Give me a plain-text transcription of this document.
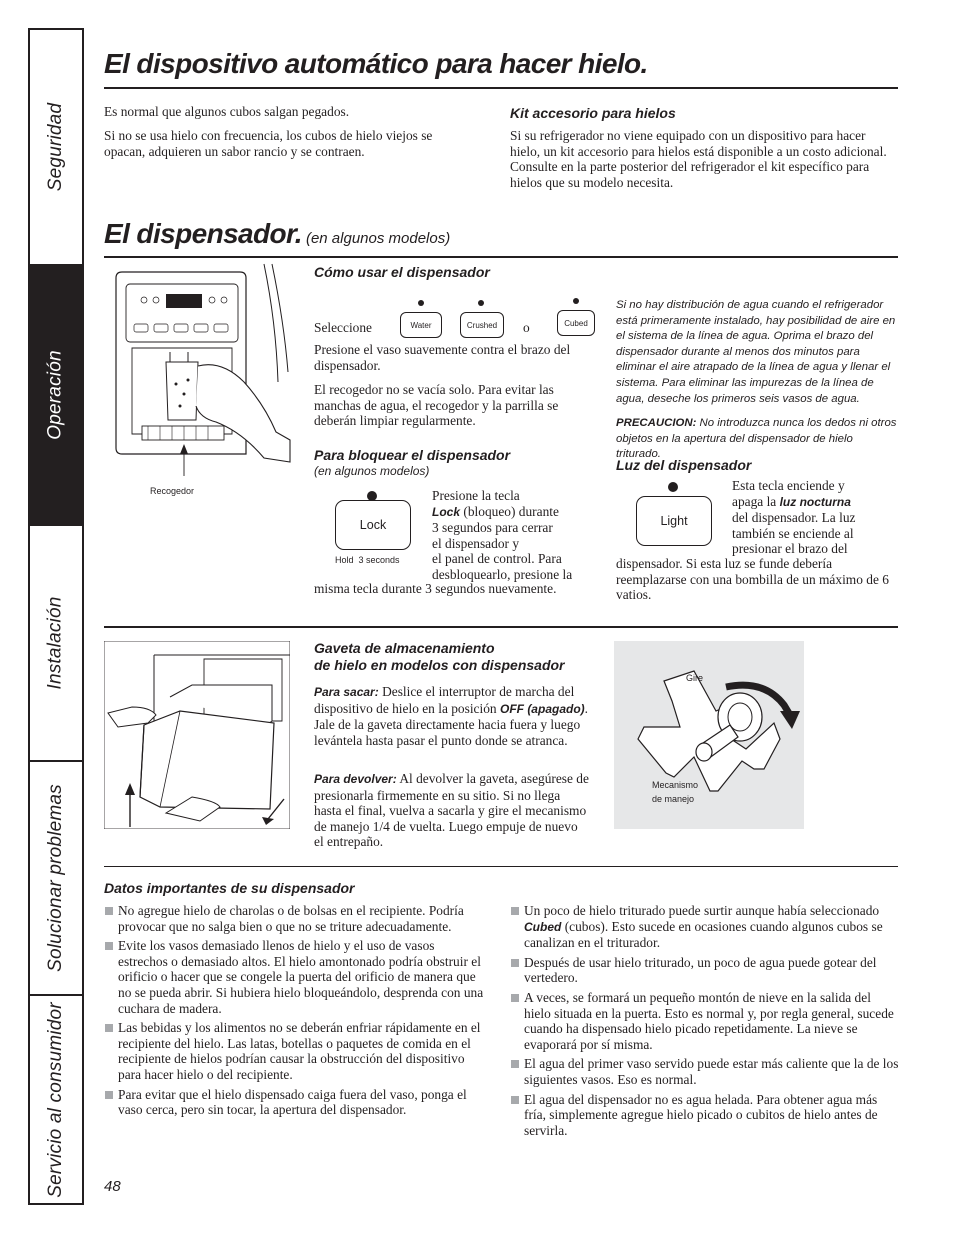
Seguridad
Operación
Instalación
Solucionar problemas
Servicio al consumidor
El dispositivo automático para hacer hielo.

Es normal que algunos cubos salgan pegados.

Si no se usa hielo con frecuencia, los cubos de hielo viejos se opacan, adquieren un sabor rancio y se contraen.

Kit accesorio para hielos

Si su refrigerador no viene equipado con un dispositivo para hacer hielo, un kit accesorio para hielos está disponible a un costo adicional. Consulte en la parte posterior del refrigerador el kit específico para hielos que su modelo necesita.

El dispensador. (en algunos modelos)
Recogedor

Cómo usar el dispensador

Seleccione	Water	Crushed	o	Cubed

Presione el vaso suavemente contra el brazo del dispensador.

El recogedor no se vacía solo. Para evitar las manchas de agua, el recogedor y la parrilla se deberán limpiar regularmente.

Para bloquear el dispensador

(en algunos modelos)

Lock
Hold  3 seconds
Presione la tecla
Lock (bloqueo) durante
3 segundos para cerrar
el dispensador y
el panel de control. Para
desbloquearlo, presione la

misma tecla durante 3 segundos nuevamente.

Si no hay distribución de agua cuando el refrigerador está primeramente instalado, hay posibilidad de aire en el sistema de la línea de agua. Oprima el brazo del dispensador durante al menos dos minutos para eliminar el aire atrapado de la línea de agua y llenar el sistema. Para eliminar las impurezas de la línea de agua, deseche los primeros seis vasos de agua.

PRECAUCION: No introduzca nunca los dedos ni otros objetos en la apertura del dispensador de hielo triturado.

Luz del dispensador

Light
Esta tecla enciende y
apaga la luz nocturna
del dispensador. La luz
también se enciende al
presionar el brazo del

dispensador. Si esta luz se funde debería reemplazarse con una bombilla de un máximo de 6 vatios.

Gaveta de almacenamiento

de hielo en modelos con dispensador

Para sacar: Deslice el interruptor de marcha del dispositivo de hielo en la posición OFF (apagado). Jale de la gaveta directamente hacia fuera y luego levántela hasta pasar el punto donde se atranca.

Para devolver: Al devolver la gaveta, asegúrese de presionarla firmemente en su sitio. Si no llega hasta el final, vuelva a sacarla y gire el mecanismo de manejo 1/4 de vuelta. Luego empuje de nuevo el entrepaño.

Gire
Mecanismo
de manejo

Datos importantes de su dispensador

No agregue hielo de charolas o de bolsas en el recipiente. Podría provocar que no salga bien o que no se triture adecuadamente.
Evite los vasos demasiado llenos de hielo y el uso de vasos estrechos o demasiado altos. El hielo amontonado podría obstruir el orificio o hacer que se congele la puerta del orificio de manera que no se pueda abrir. Si hubiera hielo bloqueándolo, desprenda con una cuchara de madera.
Las bebidas y los alimentos no se deberán enfriar rápidamente en el recipiente del hielo. Las latas, botellas o paquetes de comida en el recipiente de hielos podrían causar la obstrucción del dispositivo para hacer hielo o del recipiente.
Para evitar que el hielo dispensado caiga fuera del vaso, ponga el vaso cerca, pero sin tocar, la apertura del dispensador.
Un poco de hielo triturado puede surtir aunque había seleccionado Cubed (cubos). Esto sucede en ocasiones cuando algunos cubos se canalizan en el triturador.
Después de usar hielo triturado, un poco de agua puede gotear del vertedero.
A veces, se formará un pequeño montón de nieve en la salida del hielo situada en la puerta. Esto es normal y, por regla general, sucede cuando ha dispensado hielo picado repetidamente. La nieve se evaporará por sí misma.
El agua del primer vaso servido puede estar más caliente que la de los siguientes vasos. Eso es normal.
El agua del dispensador no es agua helada. Para obtener agua más fría, simplemente agregue hielo picado o cubitos de hielo antes de servirla.
48
